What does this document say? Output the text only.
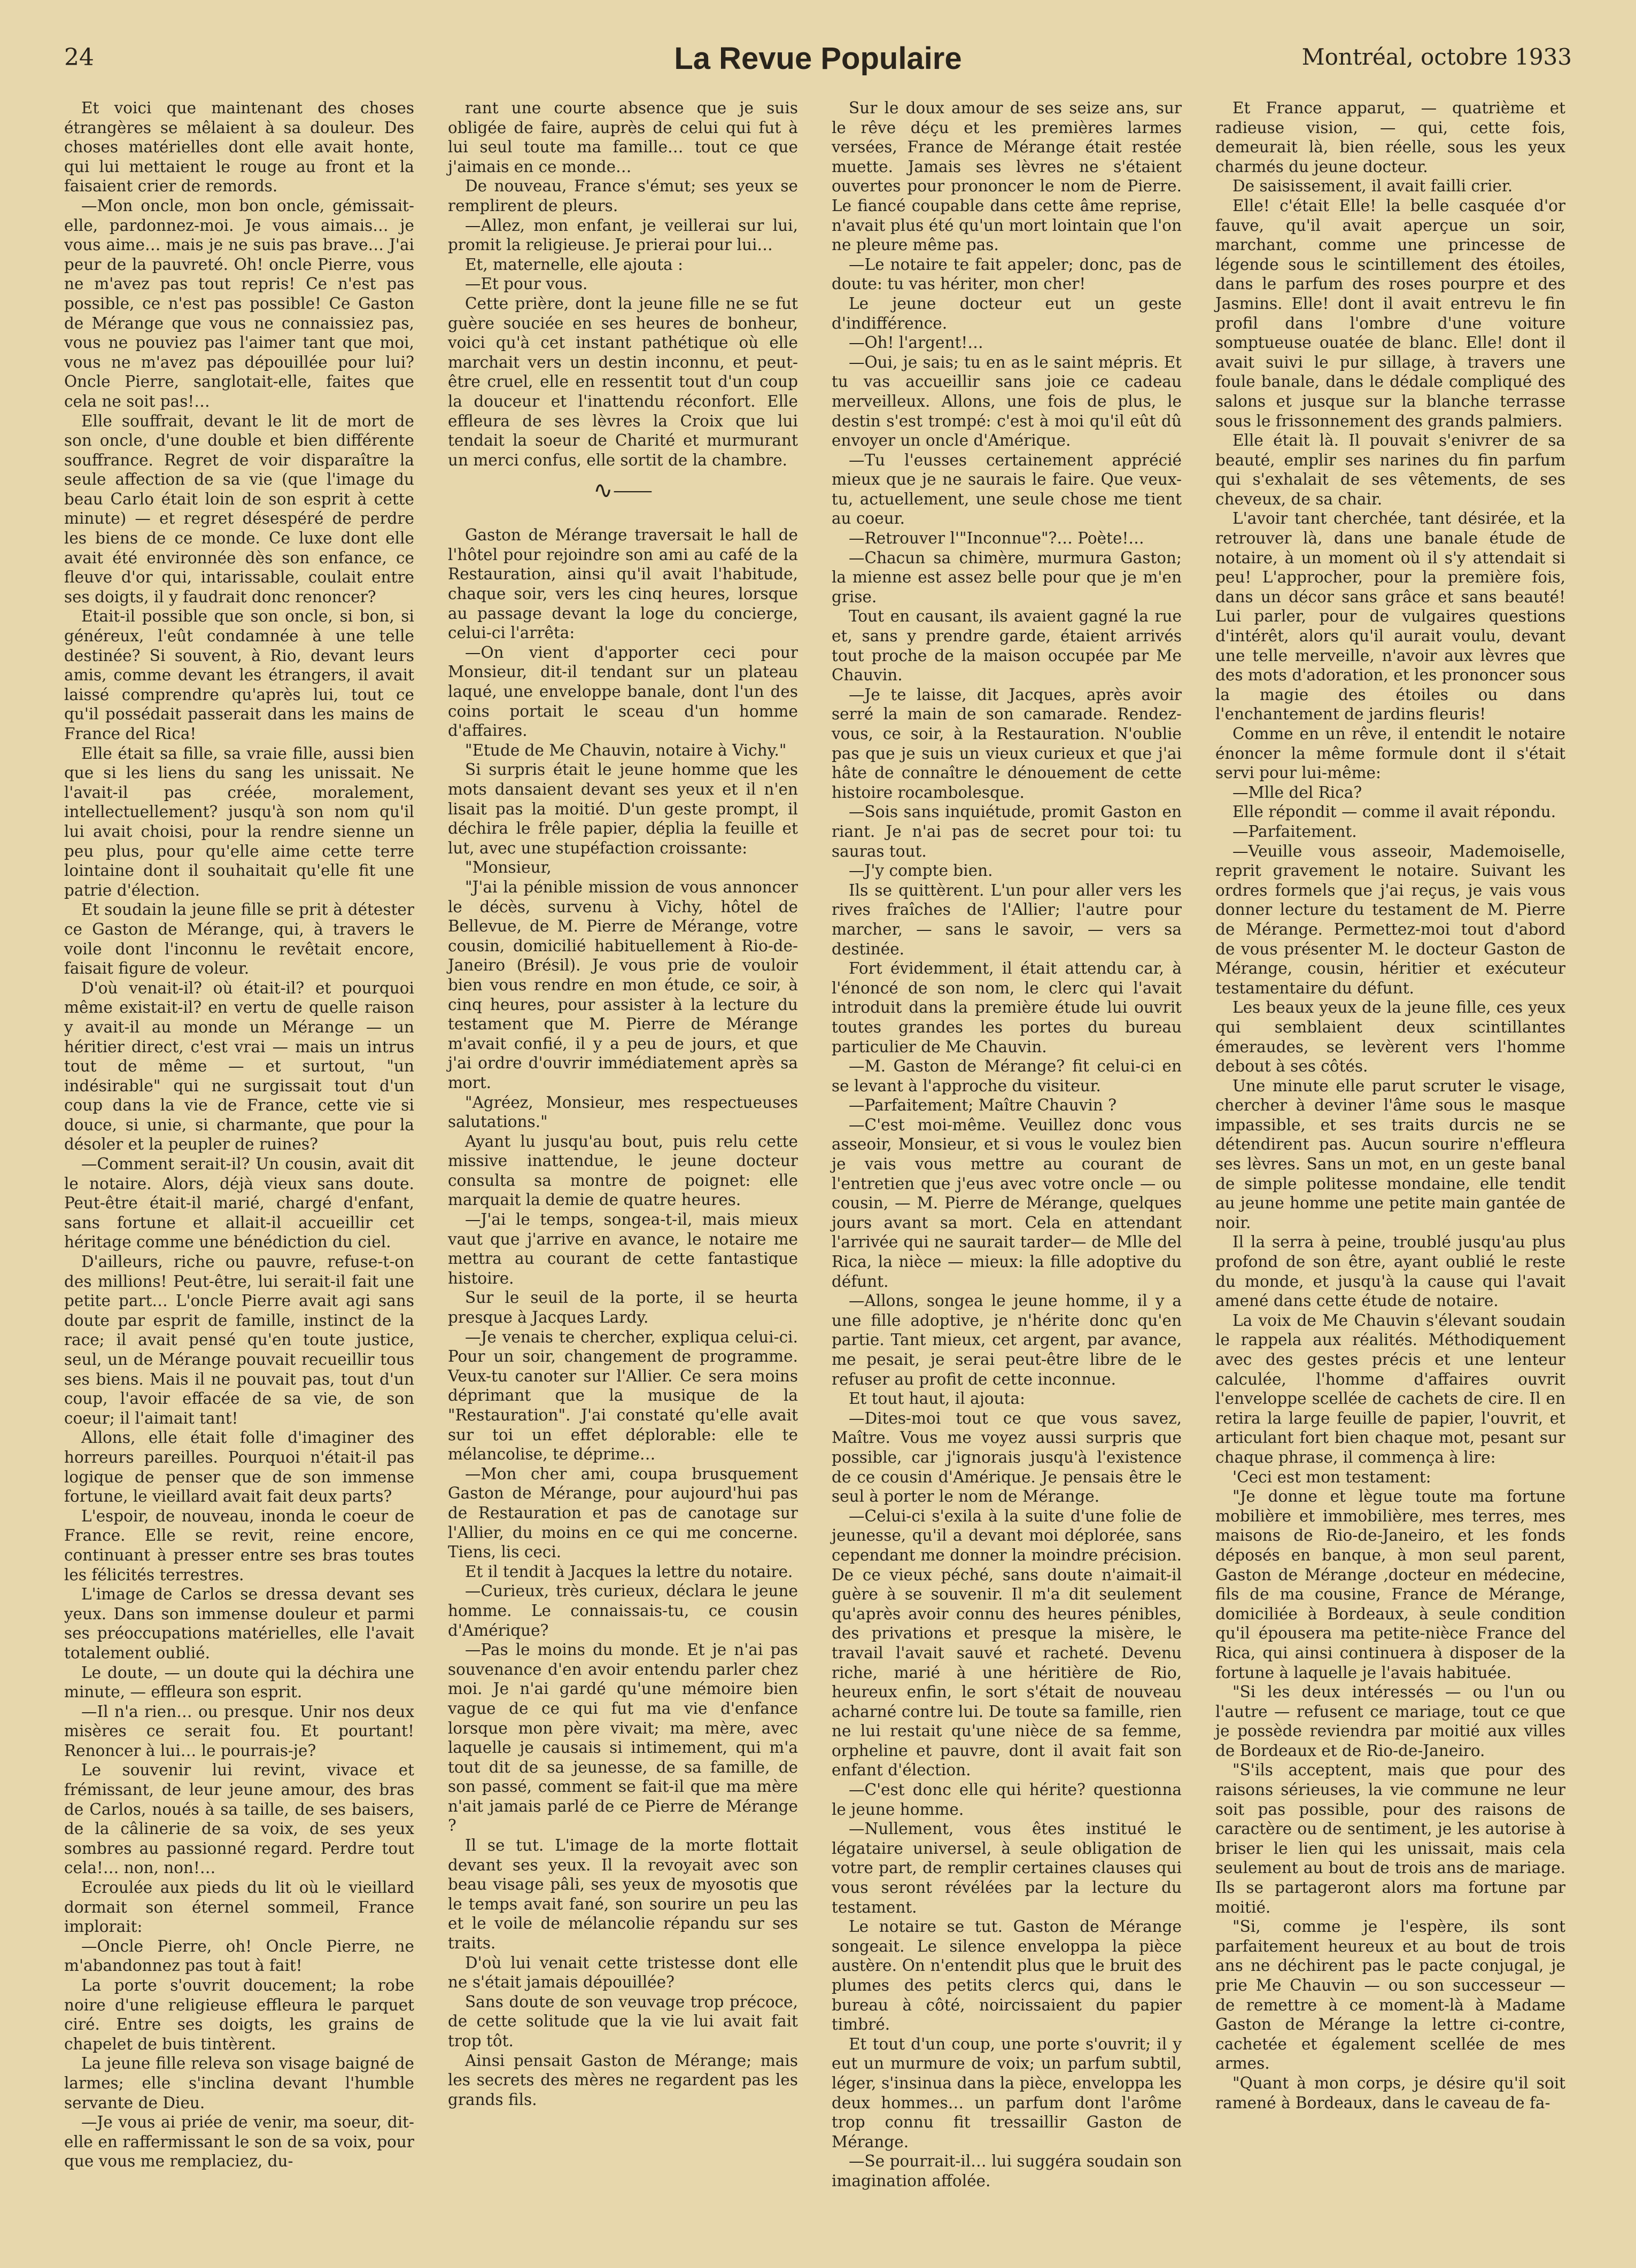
24	La Revue Populaire	Montréal, octobre 1933

Et voici que maintenant des choses étrangères se mêlaient à sa douleur. Des choses matérielles dont elle avait honte, qui lui mettaient le rouge au front et la faisaient crier de remords.

—Mon oncle, mon bon oncle, gémissait-elle, pardonnez-moi. Je vous aimais… je vous aime… mais je ne suis pas brave… J'ai peur de la pauvreté. Oh! oncle Pierre, vous ne m'avez pas tout repris! Ce n'est pas possible, ce n'est pas possible! Ce Gaston de Mérange que vous ne connaissiez pas, vous ne pouviez pas l'aimer tant que moi, vous ne m'avez pas dépouillée pour lui? Oncle Pierre, sanglotait-elle, faites que cela ne soit pas!…

Elle souffrait, devant le lit de mort de son oncle, d'une double et bien différente souffrance. Regret de voir disparaître la seule affection de sa vie (que l'image du beau Carlo était loin de son esprit à cette minute) — et regret désespéré de perdre les biens de ce monde. Ce luxe dont elle avait été environnée dès son enfance, ce fleuve d'or qui, intarissable, coulait entre ses doigts, il y faudrait donc renoncer?

Etait-il possible que son oncle, si bon, si généreux, l'eût condamnée à une telle destinée? Si souvent, à Rio, devant leurs amis, comme devant les étrangers, il avait laissé comprendre qu'après lui, tout ce qu'il possédait passerait dans les mains de France del Rica!

Elle était sa fille, sa vraie fille, aussi bien que si les liens du sang les unissait. Ne l'avait-il pas créée, moralement, intellectuellement? jusqu'à son nom qu'il lui avait choisi, pour la rendre sienne un peu plus, pour qu'elle aime cette terre lointaine dont il souhaitait qu'elle fit une patrie d'élection.

Et soudain la jeune fille se prit à détester ce Gaston de Mérange, qui, à travers le voile dont l'inconnu le revêtait encore, faisait figure de voleur.

D'où venait-il? où était-il? et pourquoi même existait-il? en vertu de quelle raison y avait-il au monde un Mérange — un héritier direct, c'est vrai — mais un intrus tout de même — et surtout, "un indésirable" qui ne surgissait tout d'un coup dans la vie de France, cette vie si douce, si unie, si charmante, que pour la désoler et la peupler de ruines?

—Comment serait-il? Un cousin, avait dit le notaire. Alors, déjà vieux sans doute. Peut-être était-il marié, chargé d'enfant, sans fortune et allait-il accueillir cet héritage comme une bénédiction du ciel.

D'ailleurs, riche ou pauvre, refuse-t-on des millions! Peut-être, lui serait-il fait une petite part… L'oncle Pierre avait agi sans doute par esprit de famille, instinct de la race; il avait pensé qu'en toute justice, seul, un de Mérange pouvait recueillir tous ses biens. Mais il ne pouvait pas, tout d'un coup, l'avoir effacée de sa vie, de son coeur; il l'aimait tant!

Allons, elle était folle d'imaginer des horreurs pareilles. Pourquoi n'était-il pas logique de penser que de son immense fortune, le vieillard avait fait deux parts?

L'espoir, de nouveau, inonda le coeur de France. Elle se revit, reine encore, continuant à presser entre ses bras toutes les félicités terrestres.

L'image de Carlos se dressa devant ses yeux. Dans son immense douleur et parmi ses préoccupations matérielles, elle l'avait totalement oublié.

Le doute, — un doute qui la déchira une minute, — effleura son esprit.

—Il n'a rien… ou presque. Unir nos deux misères ce serait fou. Et pourtant! Renoncer à lui… le pourrais-je?

Le souvenir lui revint, vivace et frémissant, de leur jeune amour, des bras de Carlos, noués à sa taille, de ses baisers, de la câlinerie de sa voix, de ses yeux sombres au passionné regard. Perdre tout cela!… non, non!…

Ecroulée aux pieds du lit où le vieillard dormait son éternel sommeil, France implorait:

—Oncle Pierre, oh! Oncle Pierre, ne m'abandonnez pas tout à fait!

La porte s'ouvrit doucement; la robe noire d'une religieuse effleura le parquet ciré. Entre ses doigts, les grains de chapelet de buis tintèrent.

La jeune fille releva son visage baigné de larmes; elle s'inclina devant l'humble servante de Dieu.

—Je vous ai priée de venir, ma soeur, dit-elle en raffermissant le son de sa voix, pour que vous me remplaciez, du-

rant une courte absence que je suis obligée de faire, auprès de celui qui fut à lui seul toute ma famille… tout ce que j'aimais en ce monde…

De nouveau, France s'émut; ses yeux se remplirent de pleurs.

—Allez, mon enfant, je veillerai sur lui, promit la religieuse. Je prierai pour lui…

Et, maternelle, elle ajouta :

—Et pour vous.

Cette prière, dont la jeune fille ne se fut guère souciée en ses heures de bonheur, voici qu'à cet instant pathétique où elle marchait vers un destin inconnu, et peut-être cruel, elle en ressentit tout d'un coup la douceur et l'inattendu réconfort. Elle effleura de ses lèvres la Croix que lui tendait la soeur de Charité et murmurant un merci confus, elle sortit de la chambre.

∿⸺

Gaston de Mérange traversait le hall de l'hôtel pour rejoindre son ami au café de la Restauration, ainsi qu'il avait l'habitude, chaque soir, vers les cinq heures, lorsque au passage devant la loge du concierge, celui-ci l'arrêta:

—On vient d'apporter ceci pour Monsieur, dit-il tendant sur un plateau laqué, une enveloppe banale, dont l'un des coins portait le sceau d'un homme d'affaires.

"Etude de Me Chauvin, notaire à Vichy."

Si surpris était le jeune homme que les mots dansaient devant ses yeux et il n'en lisait pas la moitié. D'un geste prompt, il déchira le frêle papier, déplia la feuille et lut, avec une stupéfaction croissante:

"Monsieur,

"J'ai la pénible mission de vous annoncer le décès, survenu à Vichy, hôtel de Bellevue, de M. Pierre de Mérange, votre cousin, domicilié habituellement à Rio-de-Janeiro (Brésil). Je vous prie de vouloir bien vous rendre en mon étude, ce soir, à cinq heures, pour assister à la lecture du testament que M. Pierre de Mérange m'avait confié, il y a peu de jours, et que j'ai ordre d'ouvrir immédiatement après sa mort.

"Agréez, Monsieur, mes respectueuses salutations."

Ayant lu jusqu'au bout, puis relu cette missive inattendue, le jeune docteur consulta sa montre de poignet: elle marquait la demie de quatre heures.

—J'ai le temps, songea-t-il, mais mieux vaut que j'arrive en avance, le notaire me mettra au courant de cette fantastique histoire.

Sur le seuil de la porte, il se heurta presque à Jacques Lardy.

—Je venais te chercher, expliqua celui-ci. Pour un soir, changement de programme. Veux-tu canoter sur l'Allier. Ce sera moins déprimant que la musique de la "Restauration". J'ai constaté qu'elle avait sur toi un effet déplorable: elle te mélancolise, te déprime…

—Mon cher ami, coupa brusquement Gaston de Mérange, pour aujourd'hui pas de Restauration et pas de canotage sur l'Allier, du moins en ce qui me concerne. Tiens, lis ceci.

Et il tendit à Jacques la lettre du notaire.

—Curieux, très curieux, déclara le jeune homme. Le connaissais-tu, ce cousin d'Amérique?

—Pas le moins du monde. Et je n'ai pas souvenance d'en avoir entendu parler chez moi. Je n'ai gardé qu'une mémoire bien vague de ce qui fut ma vie d'enfance lorsque mon père vivait; ma mère, avec laquelle je causais si intimement, qui m'a tout dit de sa jeunesse, de sa famille, de son passé, comment se fait-il que ma mère n'ait jamais parlé de ce Pierre de Mérange ?

Il se tut. L'image de la morte flottait devant ses yeux. Il la revoyait avec son beau visage pâli, ses yeux de myosotis que le temps avait fané, son sourire un peu las et le voile de mélancolie répandu sur ses traits.

D'où lui venait cette tristesse dont elle ne s'était jamais dépouillée?

Sans doute de son veuvage trop précoce, de cette solitude que la vie lui avait fait trop tôt.

Ainsi pensait Gaston de Mérange; mais les secrets des mères ne regardent pas les grands fils.

Sur le doux amour de ses seize ans, sur le rêve déçu et les premières larmes versées, France de Mérange était restée muette. Jamais ses lèvres ne s'étaient ouvertes pour prononcer le nom de Pierre. Le fiancé coupable dans cette âme reprise, n'avait plus été qu'un mort lointain que l'on ne pleure même pas.

—Le notaire te fait appeler; donc, pas de doute: tu vas hériter, mon cher!

Le jeune docteur eut un geste d'indifférence.

—Oh! l'argent!…

—Oui, je sais; tu en as le saint mépris. Et tu vas accueillir sans joie ce cadeau merveilleux. Allons, une fois de plus, le destin s'est trompé: c'est à moi qu'il eût dû envoyer un oncle d'Amérique.

—Tu l'eusses certainement apprécié mieux que je ne saurais le faire. Que veux-tu, actuellement, une seule chose me tient au coeur.

—Retrouver l'"Inconnue"?… Poète!…

—Chacun sa chimère, murmura Gaston; la mienne est assez belle pour que je m'en grise.

Tout en causant, ils avaient gagné la rue et, sans y prendre garde, étaient arrivés tout proche de la maison occupée par Me Chauvin.

—Je te laisse, dit Jacques, après avoir serré la main de son camarade. Rendez-vous, ce soir, à la Restauration. N'oublie pas que je suis un vieux curieux et que j'ai hâte de connaître le dénouement de cette histoire rocambolesque.

—Sois sans inquiétude, promit Gaston en riant. Je n'ai pas de secret pour toi: tu sauras tout.

—J'y compte bien.

Ils se quittèrent. L'un pour aller vers les rives fraîches de l'Allier; l'autre pour marcher, — sans le savoir, — vers sa destinée.

Fort évidemment, il était attendu car, à l'énoncé de son nom, le clerc qui l'avait introduit dans la première étude lui ouvrit toutes grandes les portes du bureau particulier de Me Chauvin.

—M. Gaston de Mérange? fit celui-ci en se levant à l'approche du visiteur.

—Parfaitement; Maître Chauvin ?

—C'est moi-même. Veuillez donc vous asseoir, Monsieur, et si vous le voulez bien je vais vous mettre au courant de l'entretien que j'eus avec votre oncle — ou cousin, — M. Pierre de Mérange, quelques jours avant sa mort. Cela en attendant l'arrivée qui ne saurait tarder— de Mlle del Rica, la nièce — mieux: la fille adoptive du défunt.

—Allons, songea le jeune homme, il y a une fille adoptive, je n'hérite donc qu'en partie. Tant mieux, cet argent, par avance, me pesait, je serai peut-être libre de le refuser au profit de cette inconnue.

Et tout haut, il ajouta:

—Dites-moi tout ce que vous savez, Maître. Vous me voyez aussi surpris que possible, car j'ignorais jusqu'à l'existence de ce cousin d'Amérique. Je pensais être le seul à porter le nom de Mérange.

—Celui-ci s'exila à la suite d'une folie de jeunesse, qu'il a devant moi déplorée, sans cependant me donner la moindre précision. De ce vieux péché, sans doute n'aimait-il guère à se souvenir. Il m'a dit seulement qu'après avoir connu des heures pénibles, des privations et presque la misère, le travail l'avait sauvé et racheté. Devenu riche, marié à une héritière de Rio, heureux enfin, le sort s'était de nouveau acharné contre lui. De toute sa famille, rien ne lui restait qu'une nièce de sa femme, orpheline et pauvre, dont il avait fait son enfant d'élection.

—C'est donc elle qui hérite? questionna le jeune homme.

—Nullement, vous êtes institué le légataire universel, à seule obligation de votre part, de remplir certaines clauses qui vous seront révélées par la lecture du testament.

Le notaire se tut. Gaston de Mérange songeait. Le silence enveloppa la pièce austère. On n'entendit plus que le bruit des plumes des petits clercs qui, dans le bureau à côté, noircissaient du papier timbré.

Et tout d'un coup, une porte s'ouvrit; il y eut un murmure de voix; un parfum subtil, léger, s'insinua dans la pièce, enveloppa les deux hommes… un parfum dont l'arôme trop connu fit tressaillir Gaston de Mérange.

—Se pourrait-il… lui suggéra soudain son imagination affolée.

Et France apparut, — quatrième et radieuse vision, — qui, cette fois, demeurait là, bien réelle, sous les yeux charmés du jeune docteur.

De saisissement, il avait failli crier.

Elle! c'était Elle! la belle casquée d'or fauve, qu'il avait aperçue un soir, marchant, comme une princesse de légende sous le scintillement des étoiles, dans le parfum des roses pourpre et des Jasmins. Elle! dont il avait entrevu le fin profil dans l'ombre d'une voiture somptueuse ouatée de blanc. Elle! dont il avait suivi le pur sillage, à travers une foule banale, dans le dédale compliqué des salons et jusque sur la blanche terrasse sous le frissonnement des grands palmiers.

Elle était là. Il pouvait s'enivrer de sa beauté, emplir ses narines du fin parfum qui s'exhalait de ses vêtements, de ses cheveux, de sa chair.

L'avoir tant cherchée, tant désirée, et la retrouver là, dans une banale étude de notaire, à un moment où il s'y attendait si peu! L'approcher, pour la première fois, dans un décor sans grâce et sans beauté! Lui parler, pour de vulgaires questions d'intérêt, alors qu'il aurait voulu, devant une telle merveille, n'avoir aux lèvres que des mots d'adoration, et les prononcer sous la magie des étoiles ou dans l'enchantement de jardins fleuris!

Comme en un rêve, il entendit le notaire énoncer la même formule dont il s'était servi pour lui-même:

—Mlle del Rica?

Elle répondit — comme il avait répondu.

—Parfaitement.

—Veuille vous asseoir, Mademoiselle, reprit gravement le notaire. Suivant les ordres formels que j'ai reçus, je vais vous donner lecture du testament de M. Pierre de Mérange. Permettez-moi tout d'abord de vous présenter M. le docteur Gaston de Mérange, cousin, héritier et exécuteur testamentaire du défunt.

Les beaux yeux de la jeune fille, ces yeux qui semblaient deux scintillantes émeraudes, se levèrent vers l'homme debout à ses côtés.

Une minute elle parut scruter le visage, chercher à deviner l'âme sous le masque impassible, et ses traits durcis ne se détendirent pas. Aucun sourire n'effleura ses lèvres. Sans un mot, en un geste banal de simple politesse mondaine, elle tendit au jeune homme une petite main gantée de noir.

Il la serra à peine, troublé jusqu'au plus profond de son être, ayant oublié le reste du monde, et jusqu'à la cause qui l'avait amené dans cette étude de notaire.

La voix de Me Chauvin s'élevant soudain le rappela aux réalités. Méthodiquement avec des gestes précis et une lenteur calculée, l'homme d'affaires ouvrit l'enveloppe scellée de cachets de cire. Il en retira la large feuille de papier, l'ouvrit, et articulant fort bien chaque mot, pesant sur chaque phrase, il commença à lire:

'Ceci est mon testament:

"Je donne et lègue toute ma fortune mobilière et immobilière, mes terres, mes maisons de Rio-de-Janeiro, et les fonds déposés en banque, à mon seul parent, Gaston de Mérange ,docteur en médecine, fils de ma cousine, France de Mérange, domiciliée à Bordeaux, à seule condition qu'il épousera ma petite-nièce France del Rica, qui ainsi continuera à disposer de la fortune à laquelle je l'avais habituée.

"Si les deux intéressés — ou l'un ou l'autre — refusent ce mariage, tout ce que je possède reviendra par moitié aux villes de Bordeaux et de Rio-de-Janeiro.

"S'ils acceptent, mais que pour des raisons sérieuses, la vie commune ne leur soit pas possible, pour des raisons de caractère ou de sentiment, je les autorise à briser le lien qui les unissait, mais cela seulement au bout de trois ans de mariage. Ils se partageront alors ma fortune par moitié.

"Si, comme je l'espère, ils sont parfaitement heureux et au bout de trois ans ne déchirent pas le pacte conjugal, je prie Me Chauvin — ou son successeur — de remettre à ce moment-là à Madame Gaston de Mérange la lettre ci-contre, cachetée et également scellée de mes armes.

"Quant à mon corps, je désire qu'il soit ramené à Bordeaux, dans le caveau de fa-
